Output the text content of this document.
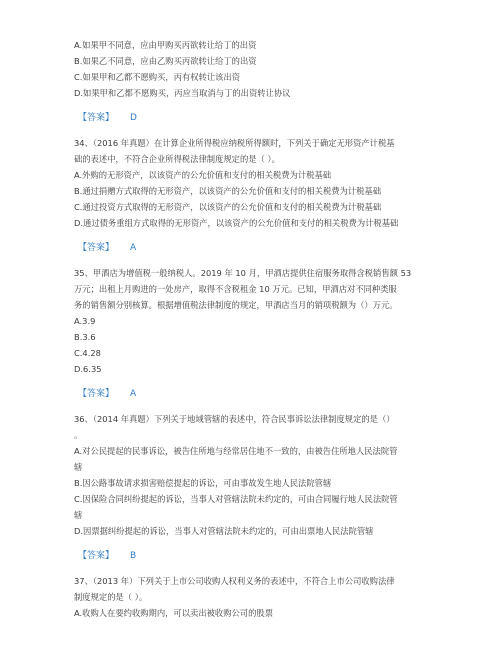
A.如果甲不同意，应由甲购买丙欲转让给丁的出资
B.如果乙不同意，应由乙购买丙欲转让给丁的出资
C.如果甲和乙都不愿购买，丙有权转让该出资
D.如果甲和乙都不愿购买，丙应当取消与丁的出资转让协议
【答案】 D
34、（2016 年真题）在计算企业所得税应纳税所得额时，下列关于确定无形资产计税基
础的表述中，不符合企业所得税法律制度规定的是（ ）。
A.外购的无形资产，以该资产的公允价值和支付的相关税费为计税基础
B.通过捐赠方式取得的无形资产，以该资产的公允价值和支付的相关税费为计税基础
C.通过投资方式取得的无形资产，以该资产的公允价值和支付的相关税费为计税基础
D.通过债务重组方式取得的无形资产，以该资产的公允价值和支付的相关税费为计税基础
【答案】 A
35、甲酒店为增值税一般纳税人。2019 年 10 月，甲酒店提供住宿服务取得含税销售额 53
万元；出租上月购进的一处房产，取得不含税租金 10 万元。已知，甲酒店对不同种类服
务的销售额分别核算。根据增值税法律制度的规定，甲酒店当月的销项税额为（）万元。
A.3.9
B.3.6
C.4.28
D.6.35
【答案】 A
36、（2014 年真题）下列关于地域管辖的表述中，符合民事诉讼法律制度规定的是（）
。
A.对公民提起的民事诉讼，被告住所地与经常居住地不一致的，由被告住所地人民法院管
辖
B.因公路事故请求损害赔偿提起的诉讼，可由事故发生地人民法院管辖
C.因保险合同纠纷提起的诉讼，当事人对管辖法院未约定的，可由合同履行地人民法院管
辖
D.因票据纠纷提起的诉讼，当事人对管辖法院未约定的，可由出票地人民法院管辖
【答案】 B
37、（2013 年）下列关于上市公司收购人权利义务的表述中，不符合上市公司收购法律
制度规定的是（ ）。
A.收购人在要约收购期内，可以卖出被收购公司的股票
